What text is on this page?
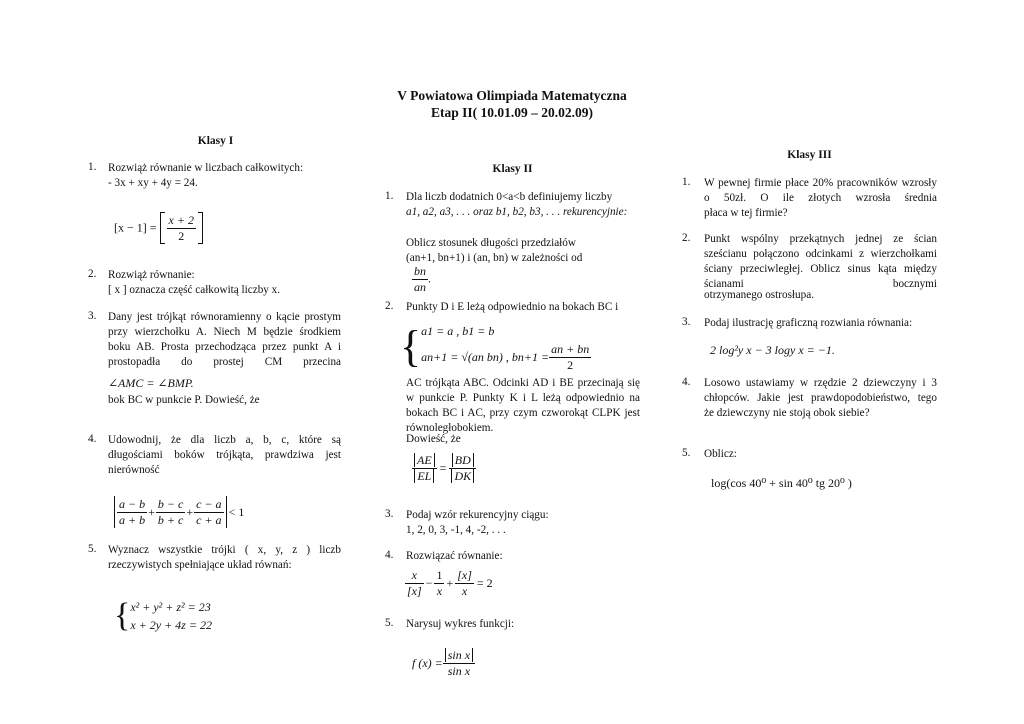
V Powiatowa Olimpiada Matematyczna
Etap II( 10.01.09 – 20.02.09)
Klasy I
1. Rozwiąż równanie w liczbach całkowitych:
- 3x + xy + 4y = 24.
$[x - 1] = \frac{x + 2}{2}$
2. Rozwiąż równanie:
[ x ] oznacza część całkowitą liczby x.
3. Dany jest trójkąt równoramienny o kącie prostym przy wierzchołku A. Niech M będzie środkiem boku AB. Prosta przechodząca przez punkt A i prostopadła do prostej CM przecina
∠AMC = ∠BMP.
bok BC w punkcie P. Dowieść, że
4. Udowodnij, że dla liczb a, b, c, które są długościami boków trójkąta, prawdziwa jest nierówność
$\frac{a - b}{a + b} + \frac{b - c}{b + c} + \frac{c - a}{c + a} < 1$
5. Wyznacz wszystkie trójki ( x, y, z ) liczb rzeczywistych spełniające układ równań:
{ x² + y² + z² = 23
x + 2y + 4z = 22
Klasy II
1. Dla liczb dodatnich 0<a<b definiujemy liczby
a1, a2, a3, . . . oraz b1, b2, b3, . . . rekurencyjnie:
Oblicz stosunek długości przedziałów
(an+1, bn+1) i (an, bn) w zależności od
$\frac{bn}{an}$ .
2. Punkty D i E leżą odpowiednio na bokach BC i
{ a1 = a , b1 = b
an+1 = √(an bn) , $bn+1 = \frac{an + bn}{2}$
AC trójkąta ABC. Odcinki AD i BE przecinają się w punkcie P. Punkty K i L leżą odpowiednio na bokach BC i AC, przy czym czworokąt CLPK jest równoległobokiem.
Dowieść, że
$\frac{AE}{EL} = \frac{BD}{DK}$
3. Podaj wzór rekurencyjny ciągu:
1, 2, 0, 3, -1, 4, -2, . . .
4. Rozwiązać równanie:
$\frac{x}{[x]} - \frac{1}{x} + \frac{[x]}{x} = 2$
5. Narysuj wykres funkcji:
f $(x) = \frac{\text{sin x}}{\text{sin x}}$
Klasy III
1. W pewnej firmie płace 20% pracowników wzrosły o 50zł. O ile złotych wzrosła średnia
płaca w tej firmie?
2. Punkt wspólny przekątnych jednej ze ścian sześcianu połączono odcinkami z wierzchołkami ściany przeciwległej. Oblicz sinus kąta między ścianami bocznymi
otrzymanego ostrosłupa.
3. Podaj ilustrację graficzną rozwiania równania:
2 log²y x − 3 logy x = −1.
4. Losowo ustawiamy w rzędzie 2 dziewczyny i 3 chłopców. Jakie jest prawdopodobieństwo, tego
że dziewczyny nie stoją obok siebie?
5. Oblicz:
log(cos 40⁰ + sin 40⁰ tg 20⁰ )
